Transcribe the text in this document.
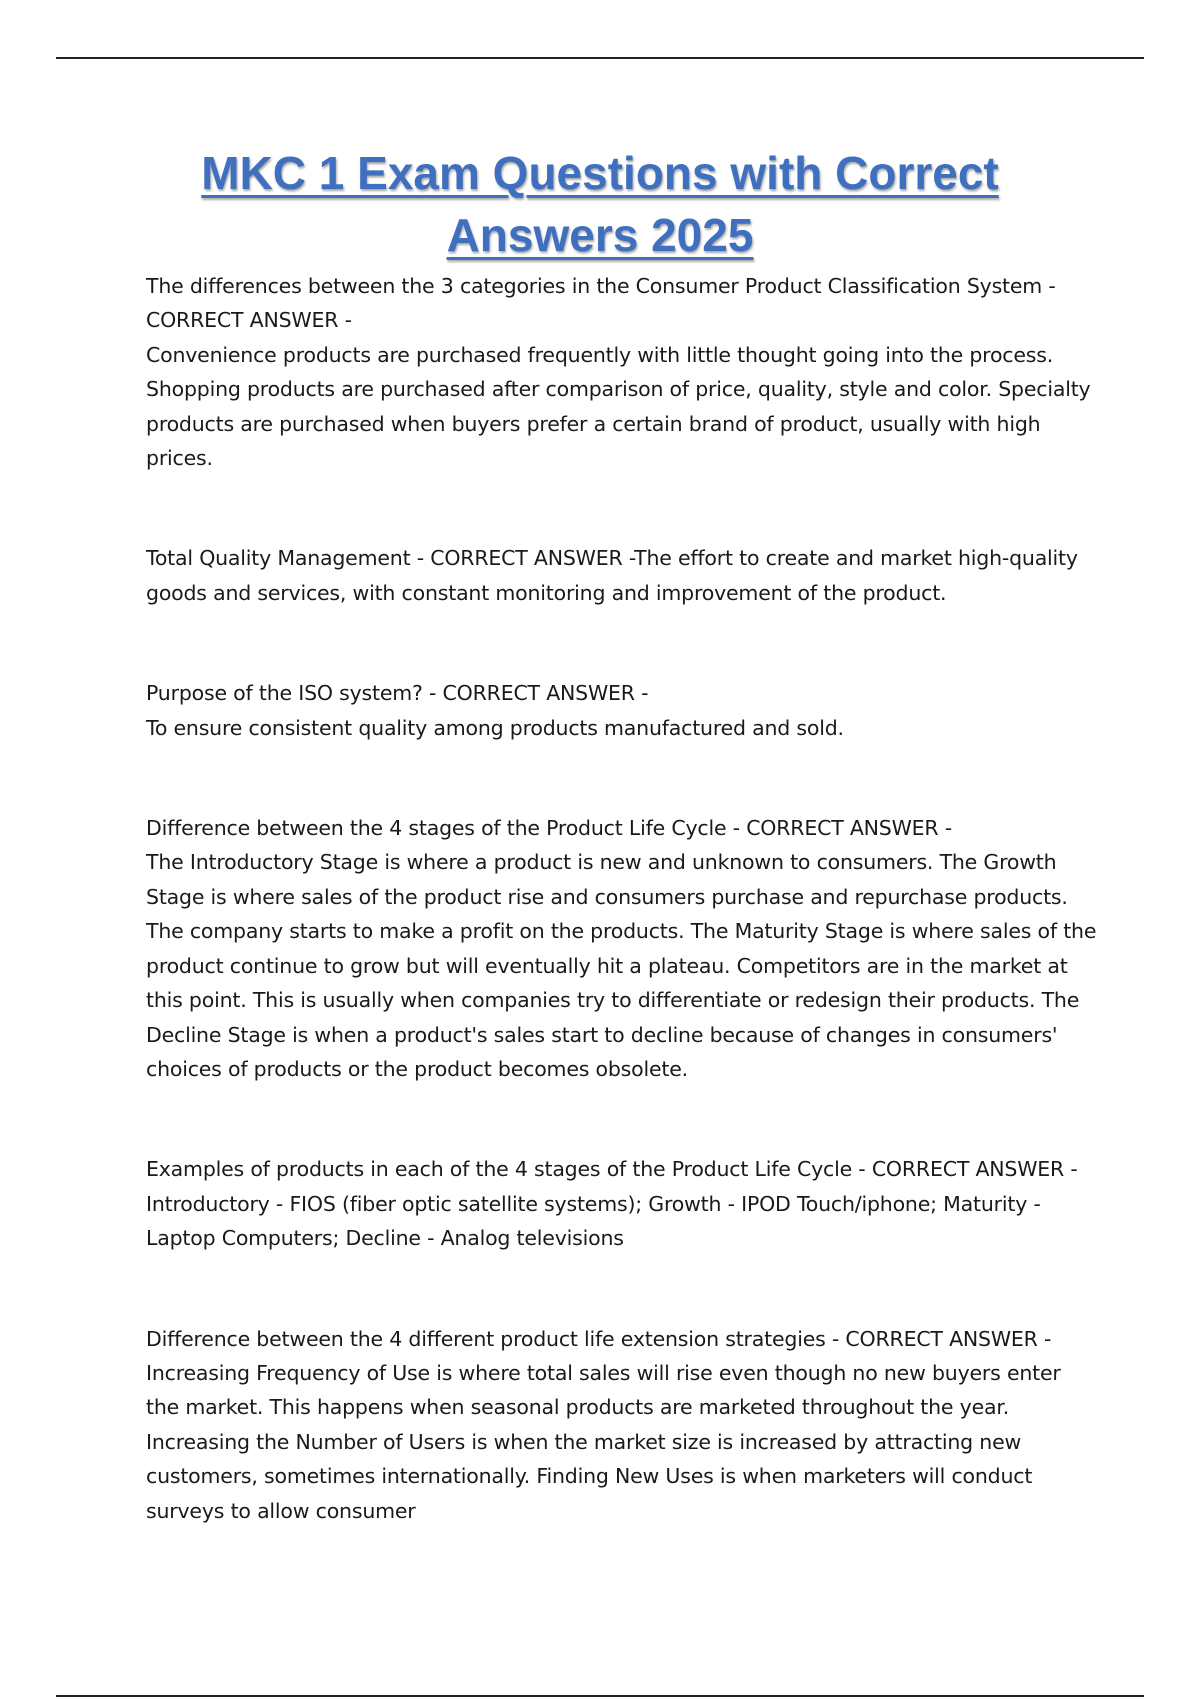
MKC 1 Exam Questions with Correct Answers 2025

The differences between the 3 categories in the Consumer Product Classification System - CORRECT ANSWER -

Convenience products are purchased frequently with little thought going into the process. Shopping products are purchased after comparison of price, quality, style and color. Specialty products are purchased when buyers prefer a certain brand of product, usually with high prices.

Total Quality Management - CORRECT ANSWER -The effort to create and market high-quality goods and services, with constant monitoring and improvement of the product.

Purpose of the ISO system? - CORRECT ANSWER -

To ensure consistent quality among products manufactured and sold.

Difference between the 4 stages of the Product Life Cycle - CORRECT ANSWER -

The Introductory Stage is where a product is new and unknown to consumers. The Growth Stage is where sales of the product rise and consumers purchase and repurchase products. The company starts to make a profit on the products. The Maturity Stage is where sales of the product continue to grow but will eventually hit a plateau. Competitors are in the market at this point. This is usually when companies try to differentiate or redesign their products. The Decline Stage is when a product's sales start to decline because of changes in consumers' choices of products or the product becomes obsolete.

Examples of products in each of the 4 stages of the Product Life Cycle - CORRECT ANSWER -

Introductory - FIOS (fiber optic satellite systems); Growth - IPOD Touch/iphone; Maturity - Laptop Computers; Decline - Analog televisions

Difference between the 4 different product life extension strategies - CORRECT ANSWER -

Increasing Frequency of Use is where total sales will rise even though no new buyers enter the market. This happens when seasonal products are marketed throughout the year. Increasing the Number of Users is when the market size is increased by attracting new customers, sometimes internationally. Finding New Uses is when marketers will conduct surveys to allow consumer
